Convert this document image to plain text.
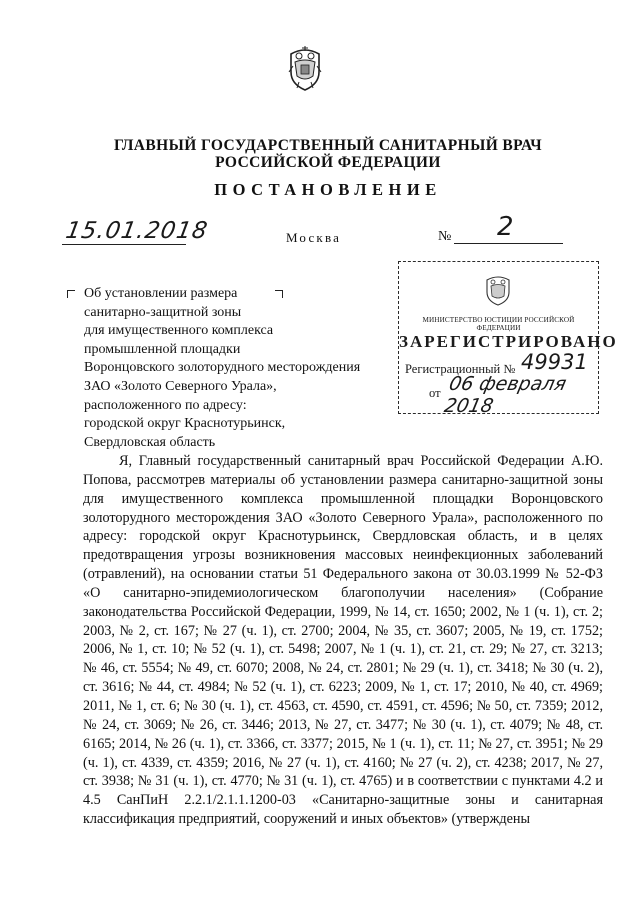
ГЛАВНЫЙ ГОСУДАРСТВЕННЫЙ САНИТАРНЫЙ ВРАЧ
РОССИЙСКОЙ ФЕДЕРАЦИИ
ПОСТАНОВЛЕНИЕ
15.01.2018	Москва	№ 2
Об установлении размера
санитарно-защитной зоны
для имущественного комплекса
промышленной площадки
Воронцовского золоторудного месторождения
ЗАО «Золото Северного Урала»,
расположенного по адресу:
городской округ Краснотурьинск,
Свердловская область
МИНИСТЕРСТВО ЮСТИЦИИ РОССИЙСКОЙ ФЕДЕРАЦИИ
ЗАРЕГИСТРИРОВАНО
Регистрационный № 49931
от 06 февраля 2018

Я, Главный государственный санитарный врач Российской Федерации А.Ю. Попова, рассмотрев материалы об установлении размера санитарно-защитной зоны для имущественного комплекса промышленной площадки Воронцовского золоторудного месторождения ЗАО «Золото Северного Урала», расположенного по адресу: городской округ Краснотурьинск, Свердловская область, и в целях предотвращения угрозы возникновения массовых неинфекционных заболеваний (отравлений), на основании статьи 51 Федерального закона от 30.03.1999 № 52-ФЗ «О санитарно-эпидемиологическом благополучии населения» (Собрание законодательства Российской Федерации, 1999, № 14, ст. 1650; 2002, № 1 (ч. 1), ст. 2; 2003, № 2, ст. 167; № 27 (ч. 1), ст. 2700; 2004, № 35, ст. 3607; 2005, № 19, ст. 1752; 2006, № 1, ст. 10; № 52 (ч. 1), ст. 5498; 2007, № 1 (ч. 1), ст. 21, ст. 29; № 27, ст. 3213; № 46, ст. 5554; № 49, ст. 6070; 2008, № 24, ст. 2801; № 29 (ч. 1), ст. 3418; № 30 (ч. 2), ст. 3616; № 44, ст. 4984; № 52 (ч. 1), ст. 6223; 2009, № 1, ст. 17; 2010, № 40, ст. 4969; 2011, № 1, ст. 6; № 30 (ч. 1), ст. 4563, ст. 4590, ст. 4591, ст. 4596; № 50, ст. 7359; 2012, № 24, ст. 3069; № 26, ст. 3446; 2013, № 27, ст. 3477; № 30 (ч. 1), ст. 4079; № 48, ст. 6165; 2014, № 26 (ч. 1), ст. 3366, ст. 3377; 2015, № 1 (ч. 1), ст. 11; № 27, ст. 3951; № 29 (ч. 1), ст. 4339, ст. 4359; 2016, № 27 (ч. 1), ст. 4160; № 27 (ч. 2), ст. 4238; 2017, № 27, ст. 3938; № 31 (ч. 1), ст. 4770; № 31 (ч. 1), ст. 4765) и в соответствии с пунктами 4.2 и 4.5 СанПиН 2.2.1/2.1.1.1200-03 «Санитарно-защитные зоны и санитарная классификация предприятий, сооружений и иных объектов» (утверждены
